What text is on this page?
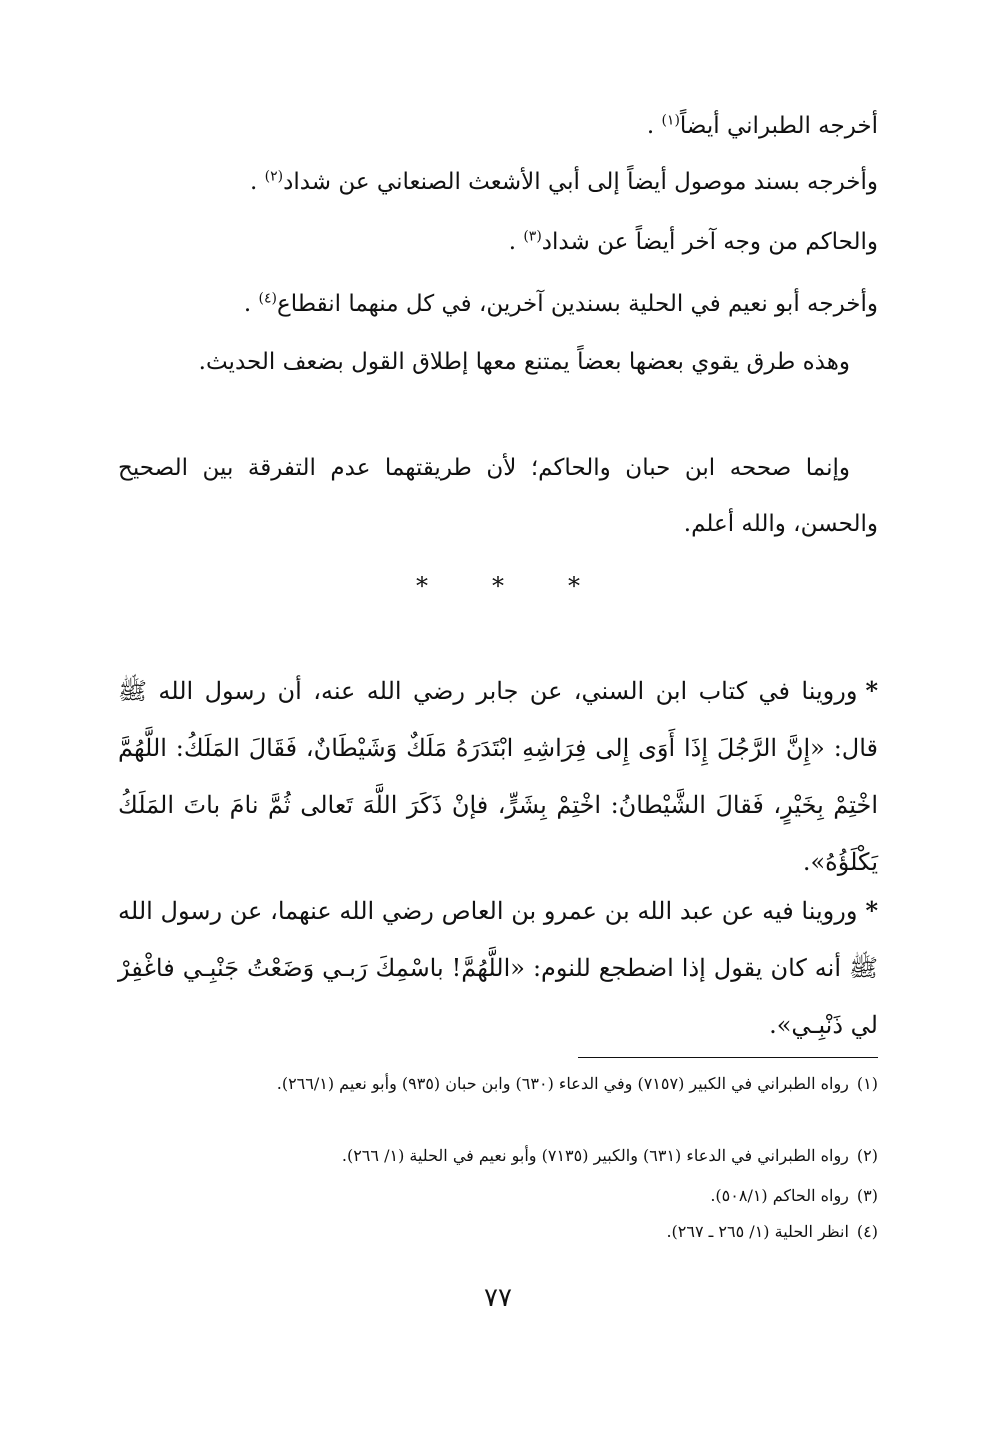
أخرجه الطبراني أيضاً$^{(١)}$ .

وأخرجه بسند موصول أيضاً إلى أبي الأشعث الصنعاني عن شداد$^{(٢)}$ .

والحاكم من وجه آخر أيضاً عن شداد$^{(٣)}$ .

وأخرجه أبو نعيم في الحلية بسندين آخرين، في كل منهما انقطاع$^{(٤)}$ .

وهذه طرق يقوي بعضها بعضاً يمتنع معها إطلاق القول بضعف الحديث.

وإنما صححه ابن حبان والحاكم؛ لأن طريقتهما عدم التفرقة بين الصحيح والحسن، والله أعلم.

*	*	*

*وروينا في كتاب ابن السني، عن جابر رضي الله عنه، أن رسول الله ﷺ قال: «إِنَّ الرَّجُلَ إِذَا أَوَى إِلى فِرَاشِهِ ابْتَدَرَهُ مَلَكٌ وَشَيْطَانٌ، فَقَالَ المَلَكُ: اللَّهُمَّ اخْتِمْ بِخَيْرٍ، فَقالَ الشَّيْطانُ: اخْتِمْ بِشَرٍّ، فإنْ ذَكَرَ اللَّهَ تَعالى ثُمَّ نامَ باتَ المَلَكُ يَكْلَؤُهُ».

*وروينا فيه عن عبد الله بن عمرو بن العاص رضي الله عنهما، عن رسول الله ﷺ أنه كان يقول إذا اضطجع للنوم: «اللَّهُمَّ! باسْمِكَ رَبـي وَضَعْتُ جَنْبِـي فاغْفِرْ لي ذَنْبِـي».

(١)رواه الطبراني في الكبير (٧١٥٧) وفي الدعاء (٦٣٠) وابن حبان (٩٣٥) وأبو نعيم (٢٦٦/١).

(٢)رواه الطبراني في الدعاء (٦٣١) والكبير (٧١٣٥) وأبو نعيم في الحلية (١/ ٢٦٦).

(٣)رواه الحاكم (٥٠٨/١).

(٤)انظر الحلية (١/ ٢٦٥ ـ ٢٦٧).

٧٧
